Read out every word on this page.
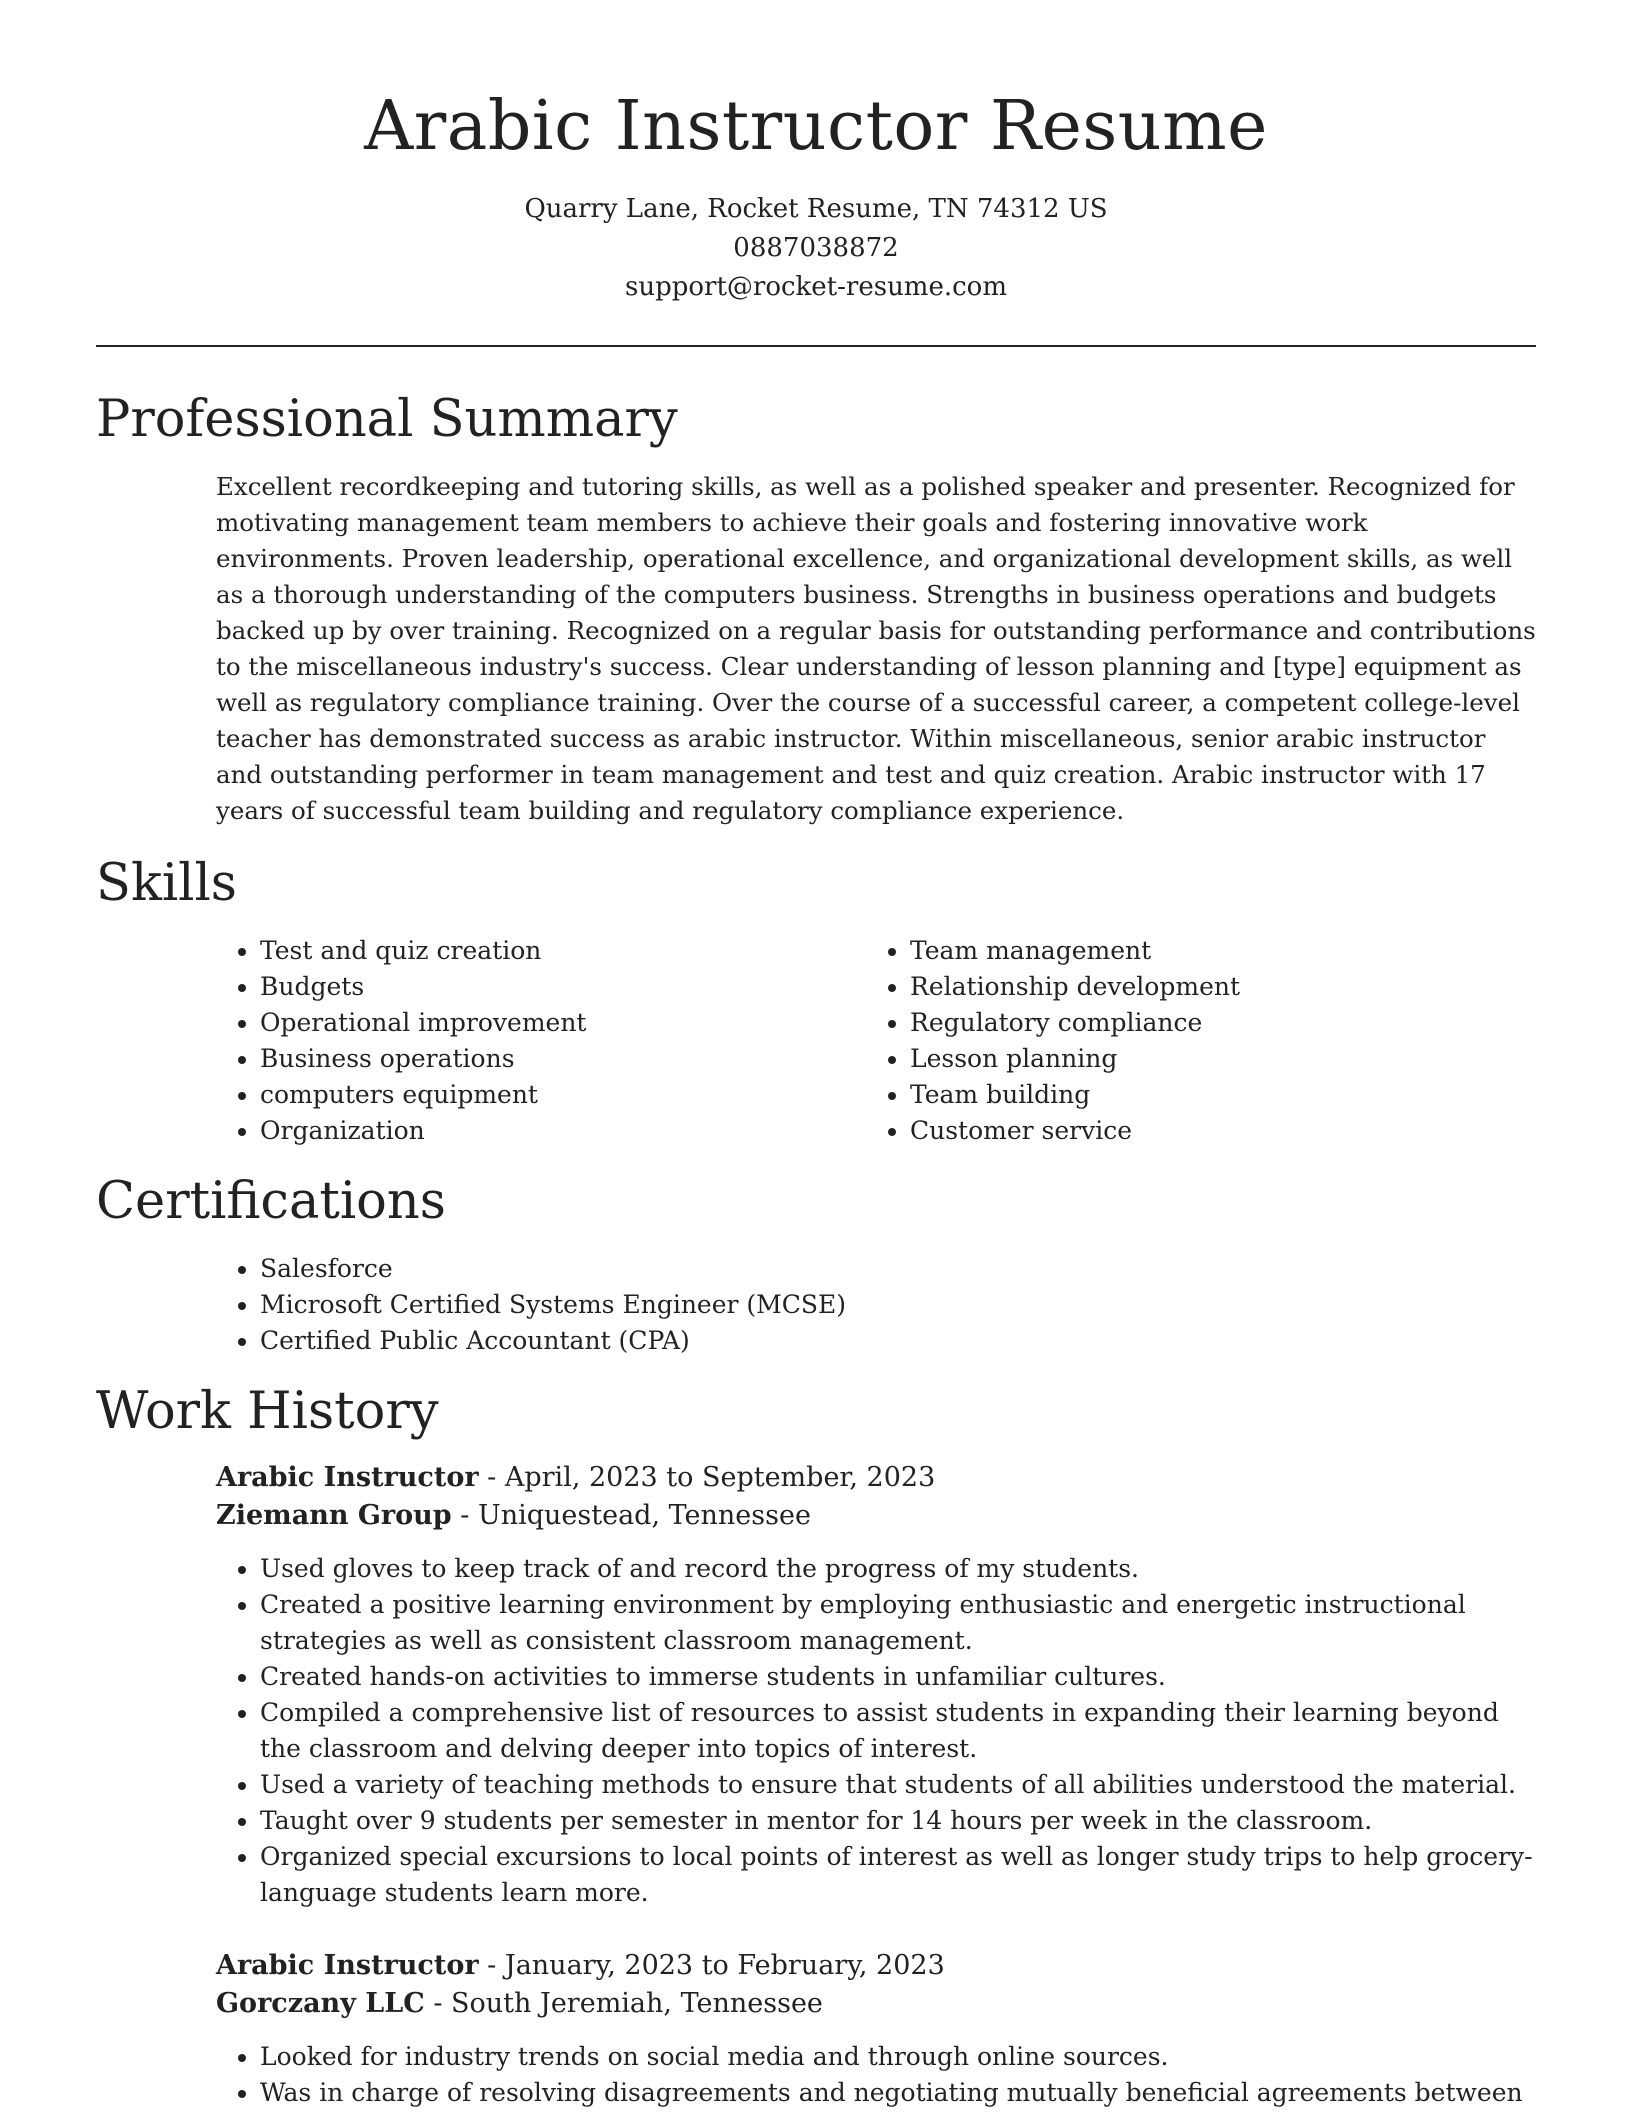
Arabic Instructor Resume
Quarry Lane, Rocket Resume, TN 74312 US
0887038872
support@rocket-resume.com
Professional Summary

Excellent recordkeeping and tutoring skills, as well as a polished speaker and presenter. Recognized for motivating management team members to achieve their goals and fostering innovative work environments. Proven leadership, operational excellence, and organizational development skills, as well as a thorough understanding of the computers business. Strengths in business operations and budgets backed up by over training. Recognized on a regular basis for outstanding performance and contributions to the miscellaneous industry's success. Clear understanding of lesson planning and [type] equipment as well as regulatory compliance training. Over the course of a successful career, a competent college-level teacher has demonstrated success as arabic instructor. Within miscellaneous, senior arabic instructor and outstanding performer in team management and test and quiz creation. Arabic instructor with 17 years of successful team building and regulatory compliance experience.

Skills
• Test and quiz creation
• Budgets
• Operational improvement
• Business operations
• computers equipment
• Organization
• Team management
• Relationship development
• Regulatory compliance
• Lesson planning
• Team building
• Customer service
Certifications
• Salesforce
• Microsoft Certified Systems Engineer (MCSE)
• Certified Public Accountant (CPA)
Work History
Arabic Instructor - April, 2023 to September, 2023
Ziemann Group - Uniquestead, Tennessee
• Used gloves to keep track of and record the progress of my students.
• Created a positive learning environment by employing enthusiastic and energetic instructional strategies as well as consistent classroom management.
• Created hands-on activities to immerse students in unfamiliar cultures.
• Compiled a comprehensive list of resources to assist students in expanding their learning beyond the classroom and delving deeper into topics of interest.
• Used a variety of teaching methods to ensure that students of all abilities understood the material.
• Taught over 9 students per semester in mentor for 14 hours per week in the classroom.
• Organized special excursions to local points of interest as well as longer study trips to help grocery-language students learn more.
Arabic Instructor - January, 2023 to February, 2023
Gorczany LLC - South Jeremiah, Tennessee
• Looked for industry trends on social media and through online sources.
• Was in charge of resolving disagreements and negotiating mutually beneficial agreements between
